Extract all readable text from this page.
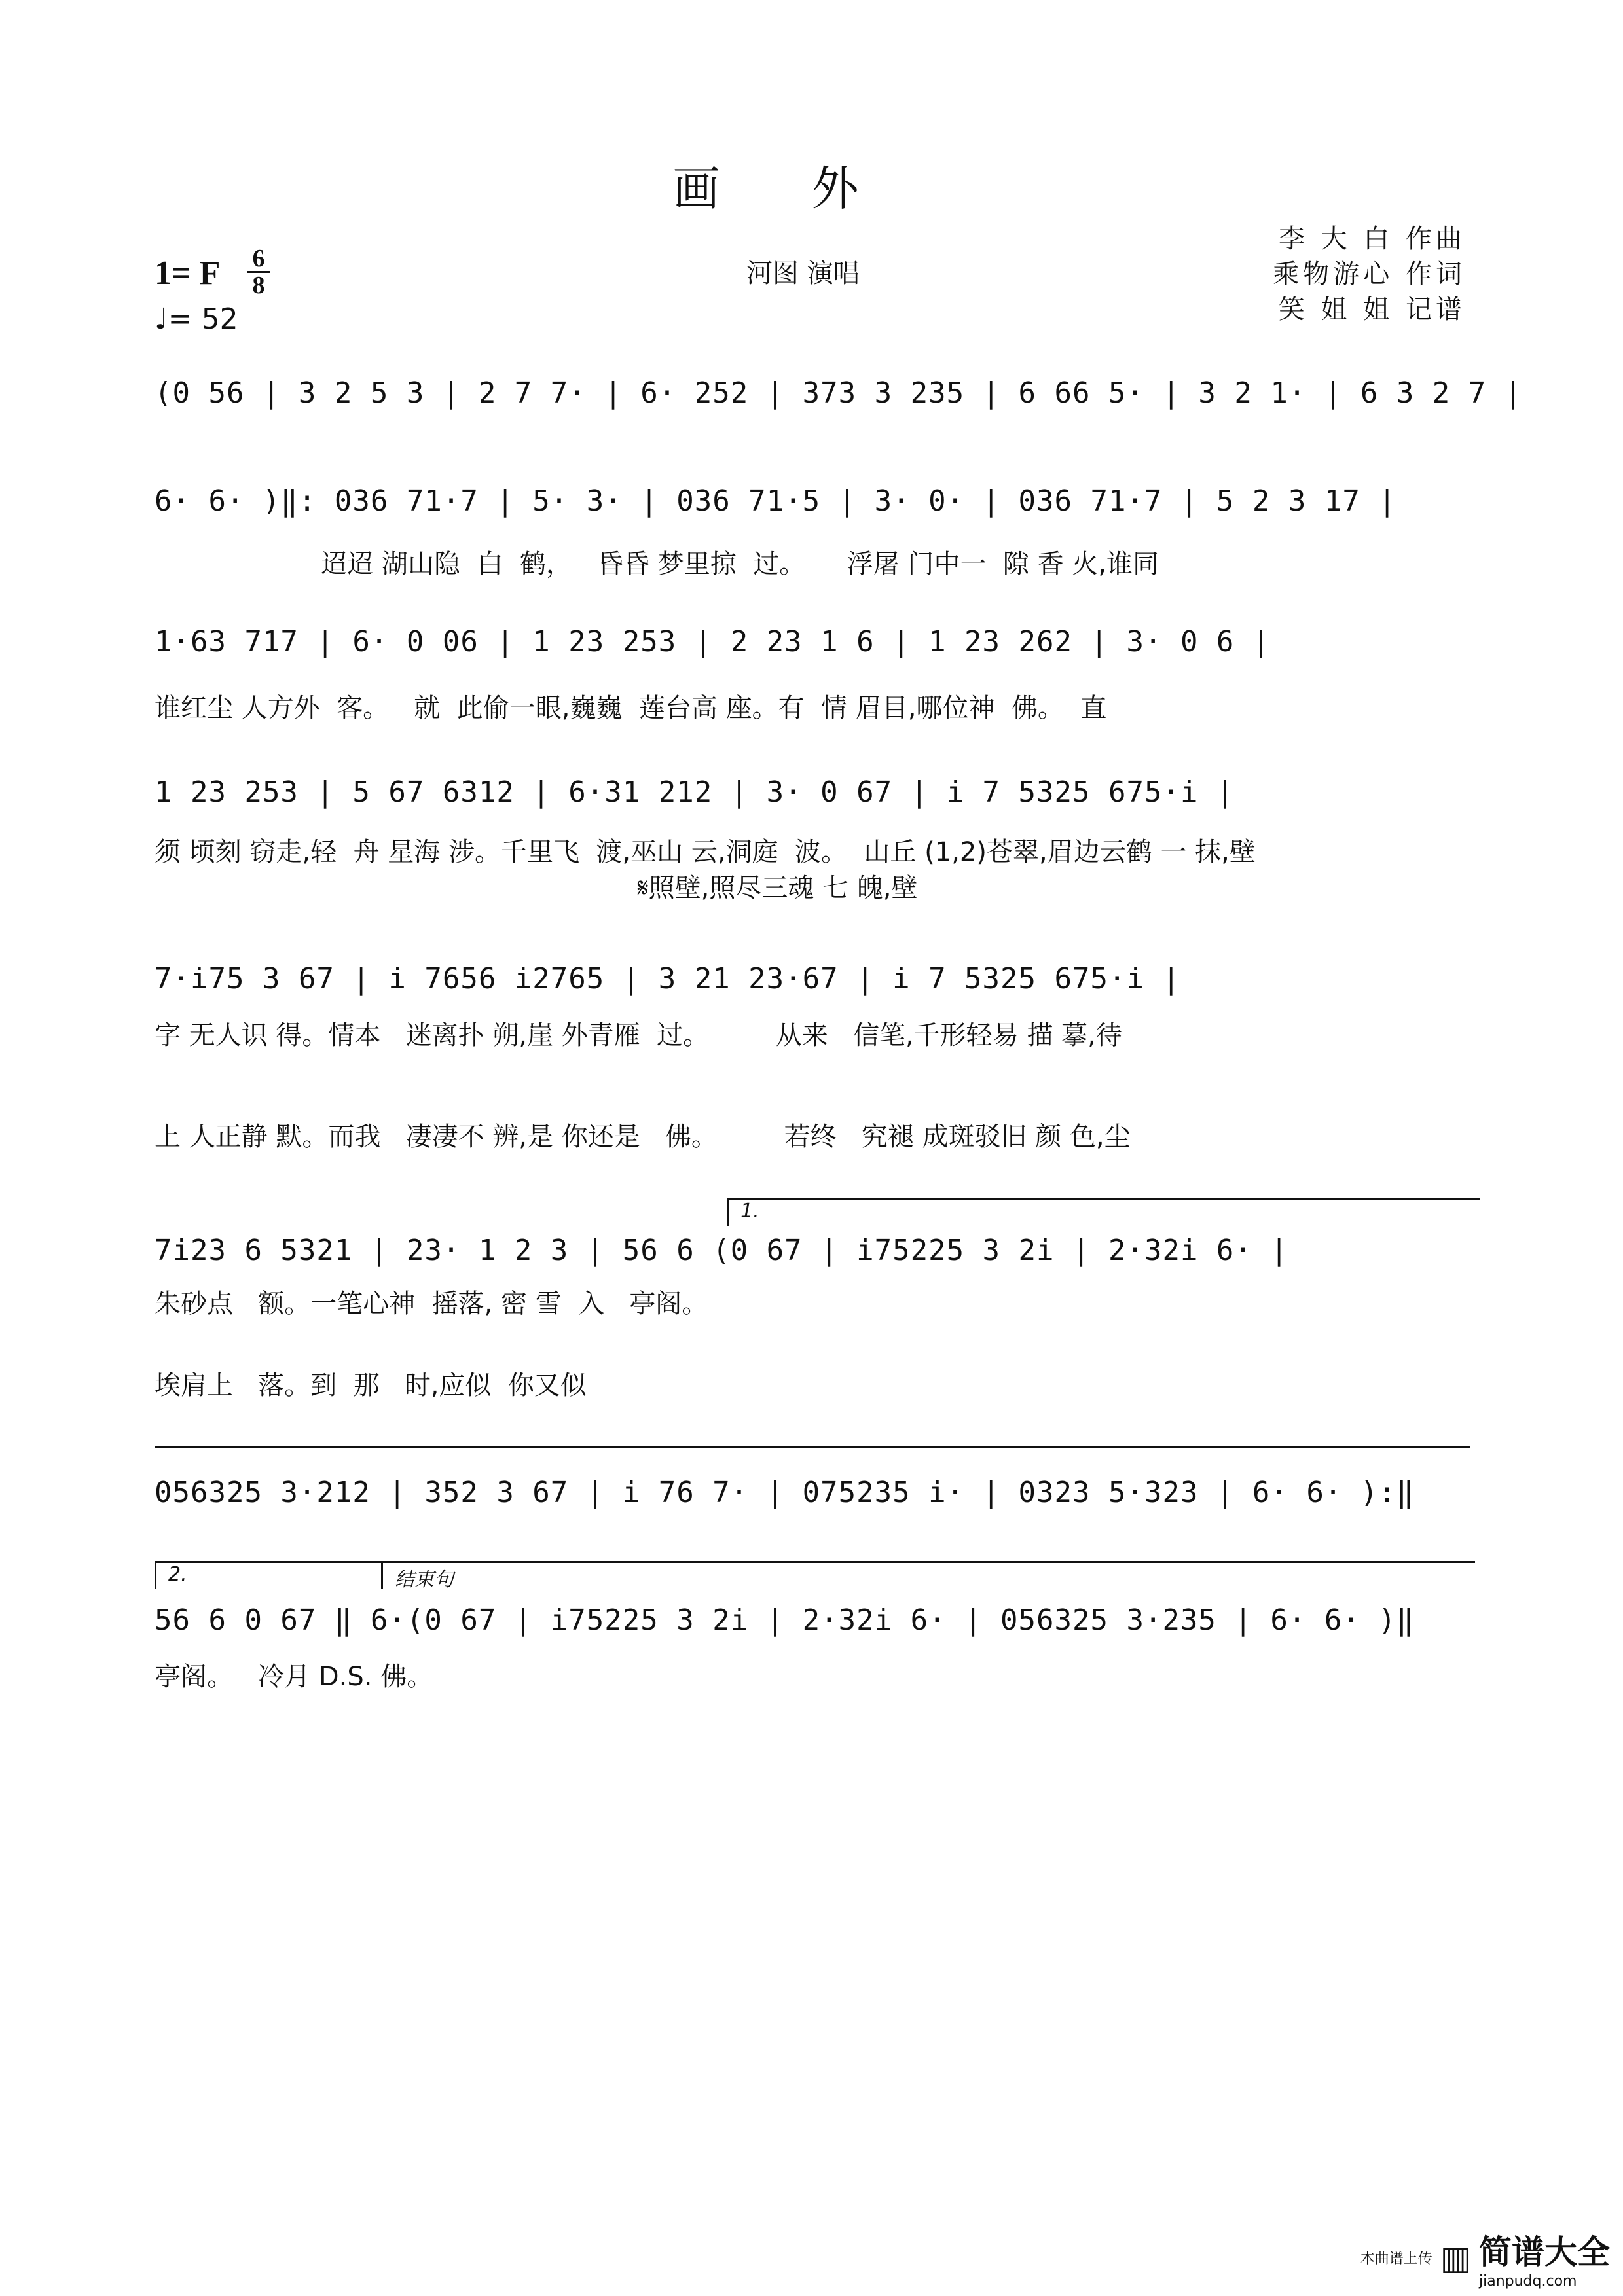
画外
1= F 6
8
♩= 52
河图 演唱
李 大 白 作曲
乘物游心 作词
笑 姐 姐 记谱
(0 56 | 3 2 5 3 | 2 7 7· | 6· 252 | 373 3 235 | 6 66 5· | 3 2 1· | 6 3 2 7 |
6· 6· )‖: 036 71·7 | 5· 3· | 036 71·5 | 3· 0· | 036 71·7 | 5 2 3 17 |
迢迢 湖山隐  白  鹤，   昏昏 梦里掠  过。     浮屠 门中一  隙 香 火,谁同
1·63 717 | 6· 0 06 | 1 23 253 | 2 23 1 6 | 1 23 262 | 3· 0 6 |
谁红尘 人方外  客。   就  此偷一眼,巍巍  莲台高 座。有  情 眉目,哪位神  佛。  直
1 23 253 | 5 67 6312 | 6·31 212 | 3· 0 67 | i 7 5325 675·i |
须 顷刻 窃走,轻  舟 星海 涉。千里飞  渡,巫山 云,洞庭  波。  山丘 (1,2)苍翠,眉边云鹤 一 抹,壁
𝄋照壁,照尽三魂 七 魄,壁
7·i75 3 67 | i 7656 i2765 | 3 21 23·67 | i 7 5325 675·i |
字 无人识 得。情本   迷离扑 朔,崖 外青雁  过。        从来   信笔,千形轻易 描 摹,待
上 人正静 默。而我   凄凄不 辨,是 你还是   佛。        若终   究褪 成斑驳旧 颜 色,尘
1.
7i23 6 5321 | 23· 1 2 3 | 56 6 (0 67 | i75225 3 2i | 2·32i 6· |
朱砂点   额。一笔心神  摇落, 密 雪  入   亭阁。
埃肩上   落。到  那   时,应似  你又似
056325 3·212 | 352 3 67 | i 76 7· | 075235 i· | 0323 5·323 | 6· 6· ):‖
2.	结束句
56 6 0 67 ‖ 6·(0 67 | i75225 3 2i | 2·32i 6· | 056325 3·235 | 6· 6· )‖
亭阁。   冷月 D.S. 佛。
本曲谱上传 ▥ 简谱大全
jianpudq.com
